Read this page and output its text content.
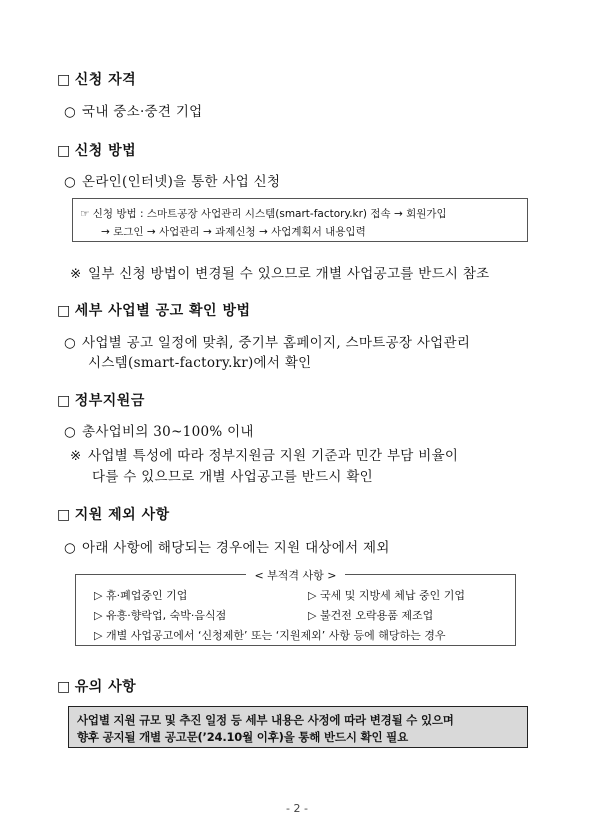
□ 신청 자격
○ 국내 중소·중견 기업
□ 신청 방법
○ 온라인(인터넷)을 통한 사업 신청
☞ 신청 방법 : 스마트공장 사업관리 시스템(smart-factory.kr) 접속 → 회원가입
→ 로그인 → 사업관리 → 과제신청 → 사업계획서 내용입력
※ 일부 신청 방법이 변경될 수 있으므로 개별 사업공고를 반드시 참조
□ 세부 사업별 공고 확인 방법
○ 사업별 공고 일정에 맞춰, 중기부 홈페이지, 스마트공장 사업관리
시스템(smart-factory.kr)에서 확인
□ 정부지원금
○ 총사업비의 30~100% 이내
※ 사업별 특성에 따라 정부지원금 지원 기준과 민간 부담 비율이
다를 수 있으므로 개별 사업공고를 반드시 확인
□ 지원 제외 사항
○ 아래 사항에 해당되는 경우에는 지원 대상에서 제외
< 부적격 사항 >
▷ 휴·폐업중인 기업	▷ 국세 및 지방세 체납 중인 기업
▷ 유흥·향락업, 숙박·음식점	▷ 불건전 오락용품 제조업
▷ 개별 사업공고에서 ‘신청제한’ 또는 ‘지원제외’ 사항 등에 해당하는 경우
□ 유의 사항
사업별 지원 규모 및 추진 일정 등 세부 내용은 사정에 따라 변경될 수 있으며
향후 공지될 개별 공고문(’24.10월 이후)을 통해 반드시 확인 필요
- 2 -
